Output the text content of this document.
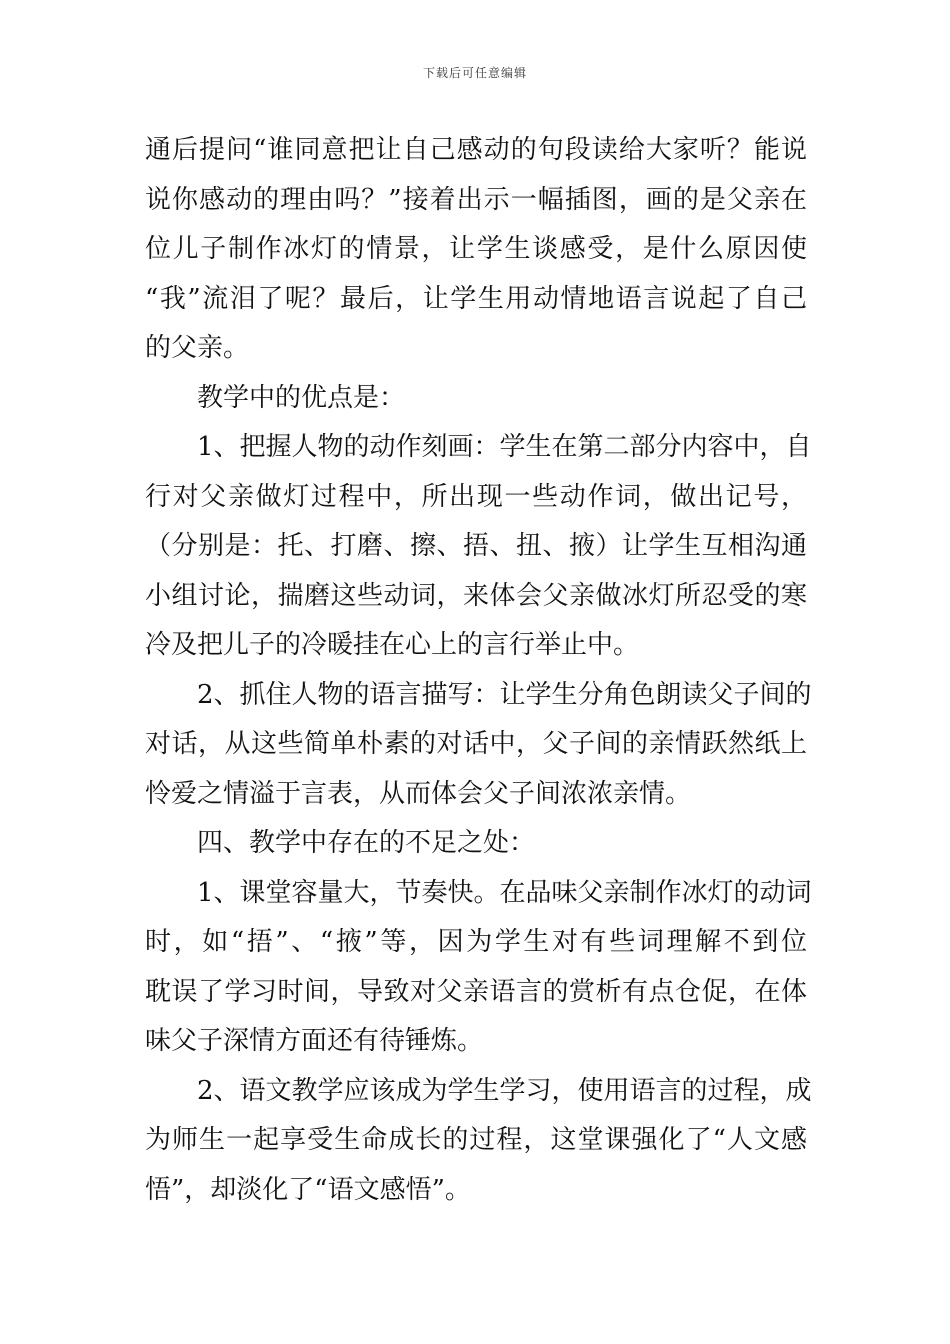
下载后可任意编辑
通后提问“谁同意把让自己感动的句段读给大家听？能说
说你感动的理由吗？”接着出示一幅插图，画的是父亲在
位儿子制作冰灯的情景，让学生谈感受，是什么原因使
“我”流泪了呢？最后，让学生用动情地语言说起了自己
的父亲。
教学中的优点是：
1、把握人物的动作刻画：学生在第二部分内容中，自
行对父亲做灯过程中，所出现一些动作词，做出记号，
（分别是：托、打磨、擦、捂、扭、掖）让学生互相沟通
小组讨论，揣磨这些动词，来体会父亲做冰灯所忍受的寒
冷及把儿子的冷暖挂在心上的言行举止中。
2、抓住人物的语言描写：让学生分角色朗读父子间的
对话，从这些简单朴素的对话中，父子间的亲情跃然纸上
怜爱之情溢于言表，从而体会父子间浓浓亲情。
四、教学中存在的不足之处：
1、课堂容量大，节奏快。在品味父亲制作冰灯的动词
时，如“捂”、“掖”等，因为学生对有些词理解不到位
耽误了学习时间，导致对父亲语言的赏析有点仓促，在体
味父子深情方面还有待锤炼。
2、语文教学应该成为学生学习，使用语言的过程，成
为师生一起享受生命成长的过程，这堂课强化了“人文感
悟”，却淡化了“语文感悟”。
